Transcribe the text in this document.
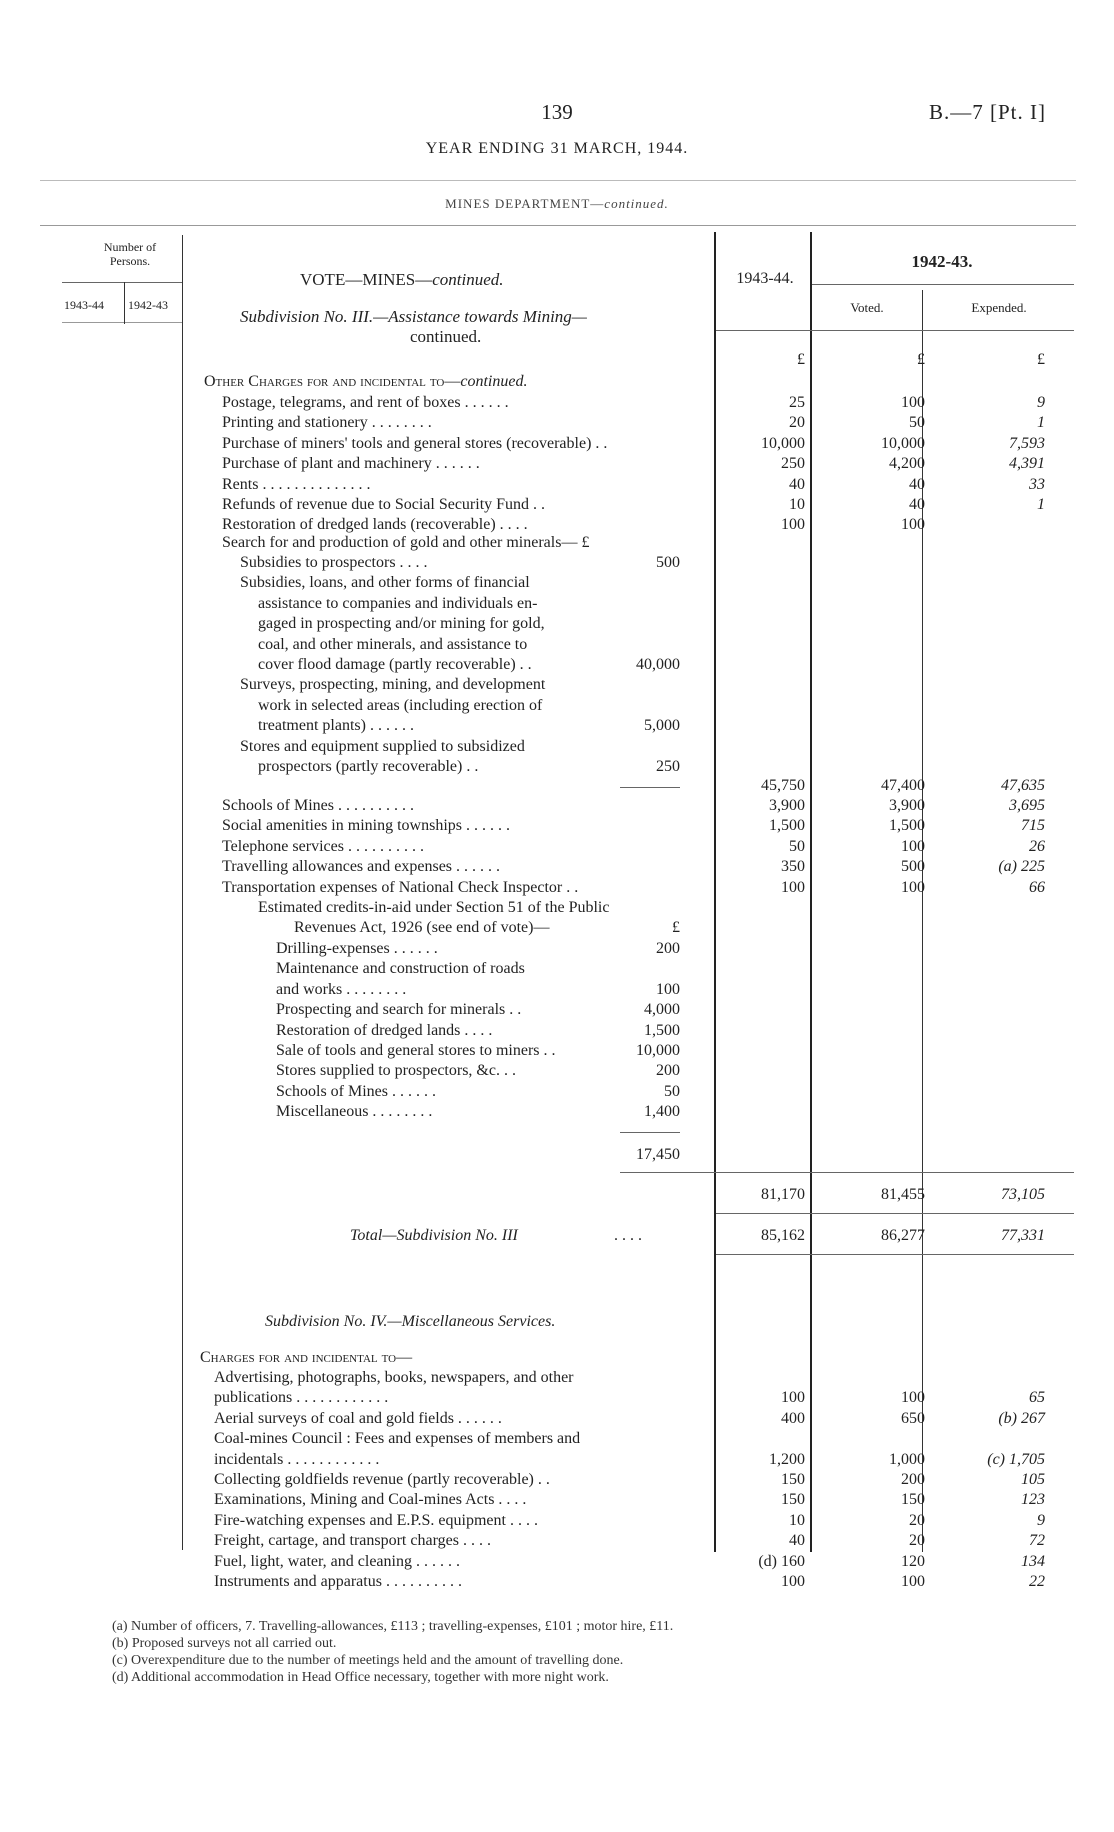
139	B.—7 [Pt. I]
YEAR ENDING 31 MARCH, 1944.
MINES DEPARTMENT—continued.
Number of Persons.
1943-44 1942-43
1943-44.
1942-43.
Voted.	Expended.
£	£	£
VOTE—MINES—continued.
Subdivision No. III.—Assistance towards Mining—
continued.
Other Charges for and incidental to—continued.
Postage, telegrams, and rent of boxes . . . . . .	25	100	9
Printing and stationery . . . . . . . .	20	50	1
Purchase of miners' tools and general stores (recoverable) . .	10,000	10,000	7,593
Purchase of plant and machinery . . . . . .	250	4,200	4,391
Rents . . . . . . . . . . . . . .	40	40	33
Refunds of revenue due to Social Security Fund . .	10	40	1
Restoration of dredged lands (recoverable) . . . .	100	100
Search for and production of gold and other minerals— £
Subsidies to prospectors . . . .	500
Subsidies, loans, and other forms of financial
assistance to companies and individuals en-
gaged in prospecting and/or mining for gold,
coal, and other minerals, and assistance to
cover flood damage (partly recoverable) . .	40,000
Surveys, prospecting, mining, and development
work in selected areas (including erection of
treatment plants) . . . . . .	5,000
Stores and equipment supplied to subsidized
prospectors (partly recoverable) . .	250
45,750	47,400	47,635
Schools of Mines . . . . . . . . . .	3,900	3,900	3,695
Social amenities in mining townships . . . . . .	1,500	1,500	715
Telephone services . . . . . . . . . .	50	100	26
Travelling allowances and expenses . . . . . .	350	500	(a) 225
Transportation expenses of National Check Inspector . .	100	100	66
Estimated credits-in-aid under Section 51 of the Public
Revenues Act, 1926 (see end of vote)—	£
Drilling-expenses . . . . . .	200
Maintenance and construction of roads
and works . . . . . . . .	100
Prospecting and search for minerals . .	4,000
Restoration of dredged lands . . . .	1,500
Sale of tools and general stores to miners . .	10,000
Stores supplied to prospectors, &c. . .	200
Schools of Mines . . . . . .	50
Miscellaneous . . . . . . . .	1,400
17,450
81,170	81,455	73,105
Total—Subdivision No. III	. . . .	85,162	86,277	77,331
Subdivision No. IV.—Miscellaneous Services.
Charges for and incidental to—
Advertising, photographs, books, newspapers, and other
publications . . . . . . . . . . . .	100	100	65
Aerial surveys of coal and gold fields . . . . . .	400	650	(b) 267
Coal-mines Council : Fees and expenses of members and
incidentals . . . . . . . . . . . .	1,200	1,000	(c) 1,705
Collecting goldfields revenue (partly recoverable) . .	150	200	105
Examinations, Mining and Coal-mines Acts . . . .	150	150	123
Fire-watching expenses and E.P.S. equipment . . . .	10	20	9
Freight, cartage, and transport charges . . . .	40	20	72
Fuel, light, water, and cleaning . . . . . .	(d) 160	120	134
Instruments and apparatus . . . . . . . . . .	100	100	22
(a) Number of officers, 7. Travelling-allowances, £113 ; travelling-expenses, £101 ; motor hire, £11.
(b) Proposed surveys not all carried out.
(c) Overexpenditure due to the number of meetings held and the amount of travelling done.
(d) Additional accommodation in Head Office necessary, together with more night work.
